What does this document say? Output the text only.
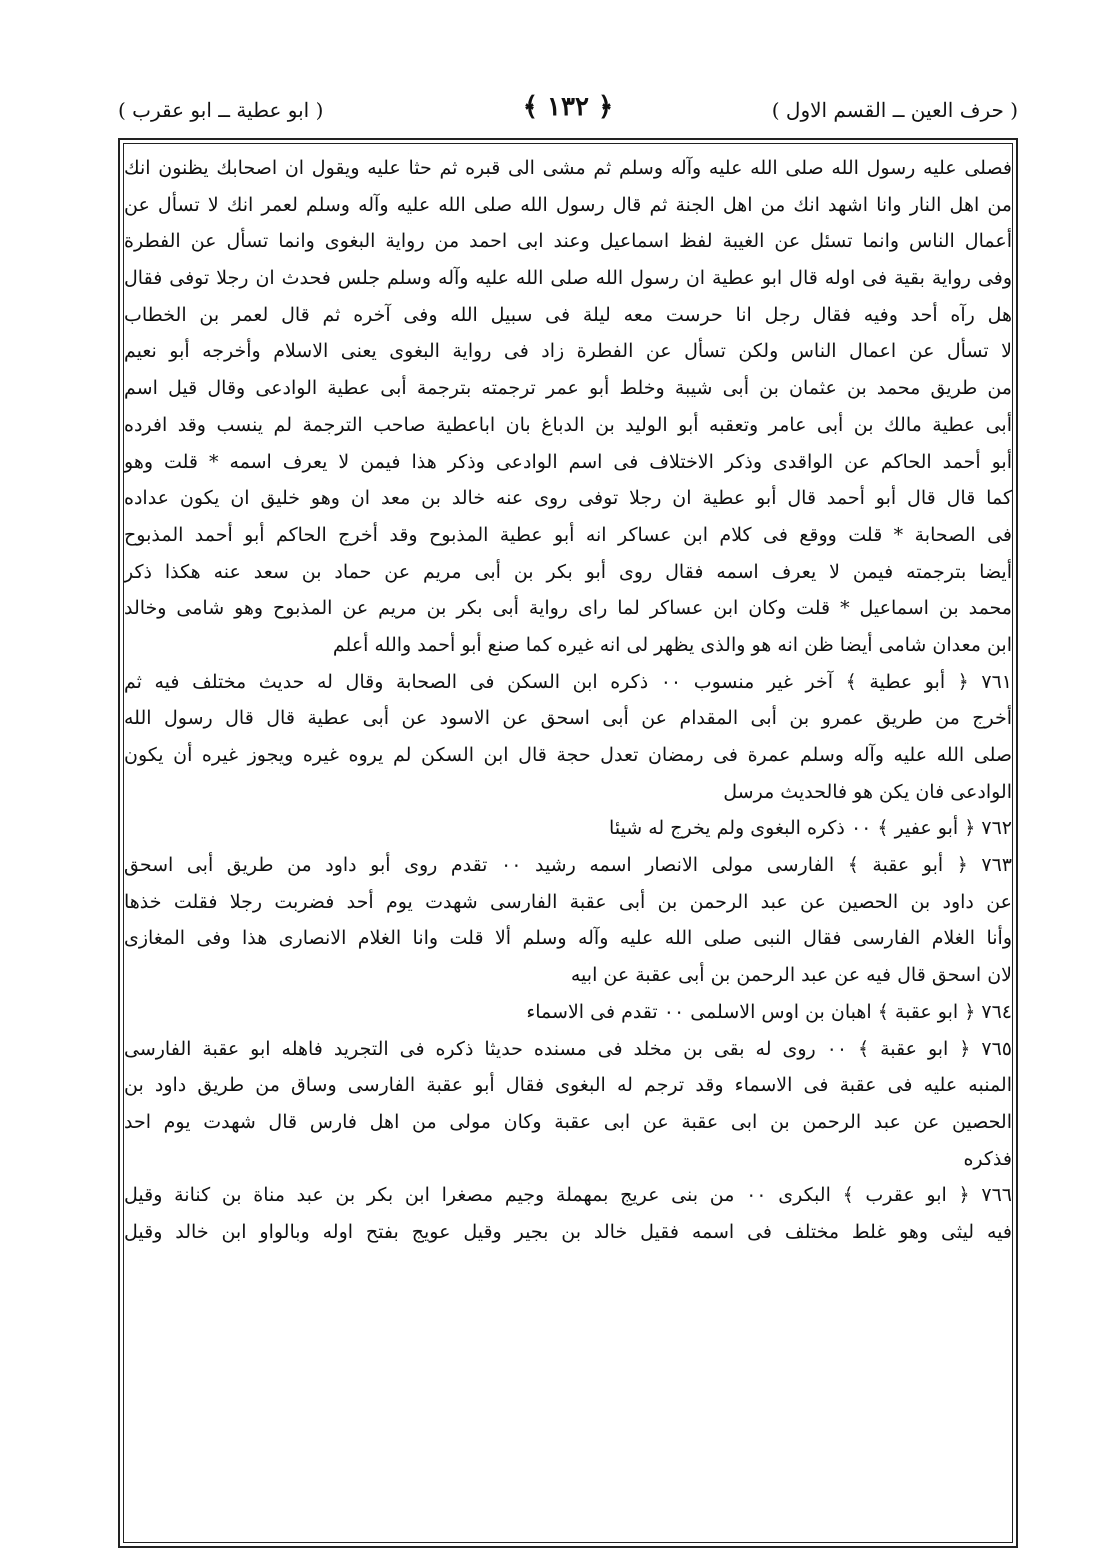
( حرف العين ــ القسم الاول )
﴿ ١٣٢ ﴾
( ابو عطية ــ ابو عقرب )
فصلى عليه رسول الله صلى الله عليه وآله وسلم ثم مشى الى قبره ثم حثا عليه ويقول ان اصحابك يظنون انك
من اهل النار وانا اشهد انك من اهل الجنة ثم قال رسول الله صلى الله عليه وآله وسلم لعمر انك لا تسأل عن
أعمال الناس وانما تسئل عن الغيبة لفظ اسماعيل وعند ابى احمد من رواية البغوى وانما تسأل عن الفطرة
وفى رواية بقية فى اوله قال ابو عطية ان رسول الله صلى الله عليه وآله وسلم جلس فحدث ان رجلا توفى فقال
هل رآه أحد وفيه فقال رجل انا حرست معه ليلة فى سبيل الله وفى آخره ثم قال لعمر بن الخطاب
لا تسأل عن اعمال الناس ولكن تسأل عن الفطرة زاد فى رواية البغوى يعنى الاسلام وأخرجه أبو نعيم
من طريق محمد بن عثمان بن أبى شيبة وخلط أبو عمر ترجمته بترجمة أبى عطية الوادعى وقال قيل اسم
أبى عطية مالك بن أبى عامر وتعقبه أبو الوليد بن الدباغ بان اباعطية صاحب الترجمة لم ينسب وقد افرده
أبو أحمد الحاكم عن الواقدى وذكر الاختلاف فى اسم الوادعى وذكر هذا فيمن لا يعرف اسمه * قلت وهو
كما قال قال أبو أحمد قال أبو عطية ان رجلا توفى روى عنه خالد بن معد ان وهو خليق ان يكون عداده
فى الصحابة * قلت ووقع فى كلام ابن عساكر انه أبو عطية المذبوح وقد أخرج الحاكم أبو أحمد المذبوح
أيضا بترجمته فيمن لا يعرف اسمه فقال روى أبو بكر بن أبى مريم عن حماد بن سعد عنه هكذا ذكر
محمد بن اسماعيل * قلت وكان ابن عساكر لما راى رواية أبى بكر بن مريم عن المذبوح وهو شامى وخالد
ابن معدان شامى أيضا ظن انه هو والذى يظهر لى انه غيره كما صنع أبو أحمد والله أعلم
٧٦١ ﴿ أبو عطية ﴾ آخر غير منسوب ٠٠ ذكره ابن السكن فى الصحابة وقال له حديث مختلف فيه ثم
أخرج من طريق عمرو بن أبى المقدام عن أبى اسحق عن الاسود عن أبى عطية قال قال رسول الله
صلى الله عليه وآله وسلم عمرة فى رمضان تعدل حجة قال ابن السكن لم يروه غيره ويجوز غيره أن يكون
الوادعى فان يكن هو فالحديث مرسل
٧٦٢ ﴿ أبو عفير ﴾ ٠٠ ذكره البغوى ولم يخرج له شيئا
٧٦٣ ﴿ أبو عقبة ﴾ الفارسى مولى الانصار اسمه رشيد ٠٠ تقدم روى أبو داود من طريق أبى اسحق
عن داود بن الحصين عن عبد الرحمن بن أبى عقبة الفارسى شهدت يوم أحد فضربت رجلا فقلت خذها
وأنا الغلام الفارسى فقال النبى صلى الله عليه وآله وسلم ألا قلت وانا الغلام الانصارى هذا وفى المغازى
لان اسحق قال فيه عن عبد الرحمن بن أبى عقبة عن ابيه
٧٦٤ ﴿ ابو عقبة ﴾ اهبان بن اوس الاسلمى ٠٠ تقدم فى الاسماء
٧٦٥ ﴿ ابو عقبة ﴾ ٠٠ روى له بقى بن مخلد فى مسنده حديثا ذكره فى التجريد فاهله ابو عقبة الفارسى
المنبه عليه فى عقبة فى الاسماء وقد ترجم له البغوى فقال أبو عقبة الفارسى وساق من طريق داود بن
الحصين عن عبد الرحمن بن ابى عقبة عن ابى عقبة وكان مولى من اهل فارس قال شهدت يوم احد
فذكره
٧٦٦ ﴿ ابو عقرب ﴾ البكرى ٠٠ من بنى عريج بمهملة وجيم مصغرا ابن بكر بن عبد مناة بن كنانة وقيل
فيه ليثى وهو غلط مختلف فى اسمه فقيل خالد بن بجير وقيل عويج بفتح اوله وبالواو ابن خالد وقيل
